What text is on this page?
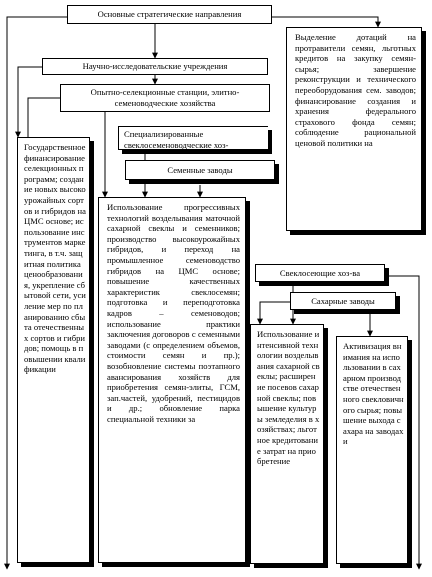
Основные стратегические направления
Научно-исследовательские учреждения
Опытно-селекционные станции, элитно-семеноводческие хозяйства
Специализированные свеклосеменоводческие хоз-
Семенные заводы
Выделение дотаций на протравители семян, льготных кредитов на закупку семян-сырья; завершение реконструкции и технического переоборудования сем. заводов; финансирование создания и хранения федерального страхового фонда семян; соблюдение рациональной ценовой политики на
Государственное финансирование селекционных программ; создание новых высокоурожайных сортов и гибридов на ЦМС основе; использование инструментов маркетинга, в т.ч. защитная политика ценообразования, укрепление сбытовой сети, усиление мер по планированию сбыта отечественных сортов и гибридов; помощь в повышении квалификации
Использование прогрессивных технологий возделывания маточной сахарной свеклы и семенников; производство высокоурожайных гибридов, и переход на промышленное семеноводство гибридов на ЦМС основе; повышение качественных характеристик свеклосемян; подготовка и переподготовка кадров – семеноводов; использование практики заключения договоров с семенными заводами (с определением объемов, стоимости семян и пр.); возобновление системы поэтапного авансирования хозяйств для приобретения семян-элиты, ГСМ, зап.частей, удобрений, пестицидов и др.; обновление парка специальной техники за
Свеклосеющие хоз-ва
Сахарные заводы
Использование интенсивной технологии возделывания сахарной свеклы; расширение посевов сахарной свеклы; повышение культуры земледелия в хозяйствах; льготное кредитование затрат на приобретение
Активизация внимания на использовании в сахарном производстве отечественного свекловичного сырья; повышение выхода сахара на заводах и
